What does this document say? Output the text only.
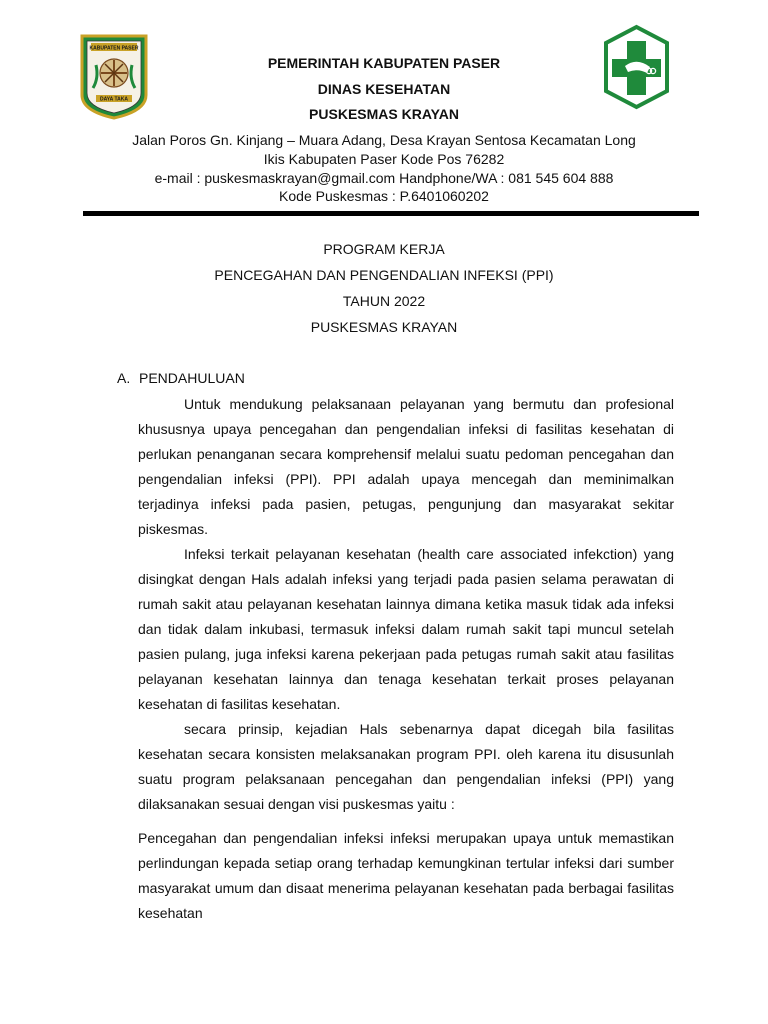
KABUPATEN PASER
DAYA TAKA

PEMERINTAH KABUPATEN PASER

DINAS KESEHATAN

PUSKESMAS KRAYAN

Jalan Poros Gn. Kinjang – Muara Adang, Desa Krayan Sentosa Kecamatan Long

Ikis Kabupaten Paser Kode Pos 76282

e-mail : puskesmaskrayan@gmail.com Handphone/WA : 081 545 604 888

Kode Puskesmas : P.6401060202

PROGRAM KERJA

PENCEGAHAN DAN PENGENDALIAN INFEKSI (PPI)

TAHUN 2022

PUSKESMAS KRAYAN

A. PENDAHULUAN

Untuk mendukung pelaksanaan pelayanan yang bermutu dan profesional khususnya upaya pencegahan dan pengendalian infeksi di fasilitas kesehatan di perlukan penanganan secara komprehensif melalui suatu pedoman pencegahan dan pengendalian infeksi (PPI). PPI adalah upaya mencegah dan meminimalkan terjadinya infeksi pada pasien, petugas, pengunjung dan masyarakat sekitar piskesmas.

Infeksi terkait pelayanan kesehatan (health care associated infekction) yang disingkat dengan Hals adalah infeksi yang terjadi pada pasien selama perawatan di rumah sakit atau pelayanan kesehatan lainnya dimana ketika masuk tidak ada infeksi dan tidak dalam inkubasi, termasuk infeksi dalam rumah sakit tapi muncul setelah pasien pulang, juga infeksi karena pekerjaan pada petugas rumah sakit atau fasilitas pelayanan kesehatan lainnya dan tenaga kesehatan terkait proses pelayanan kesehatan di fasilitas kesehatan.

secara prinsip, kejadian Hals sebenarnya dapat dicegah bila fasilitas kesehatan secara konsisten melaksanakan program PPI. oleh karena itu disusunlah suatu program pelaksanaan pencegahan dan pengendalian infeksi (PPI) yang dilaksanakan sesuai dengan visi puskesmas yaitu :

Pencegahan dan pengendalian infeksi infeksi merupakan upaya untuk memastikan perlindungan kepada setiap orang terhadap kemungkinan tertular infeksi dari sumber masyarakat umum dan disaat menerima pelayanan kesehatan pada berbagai fasilitas kesehatan
